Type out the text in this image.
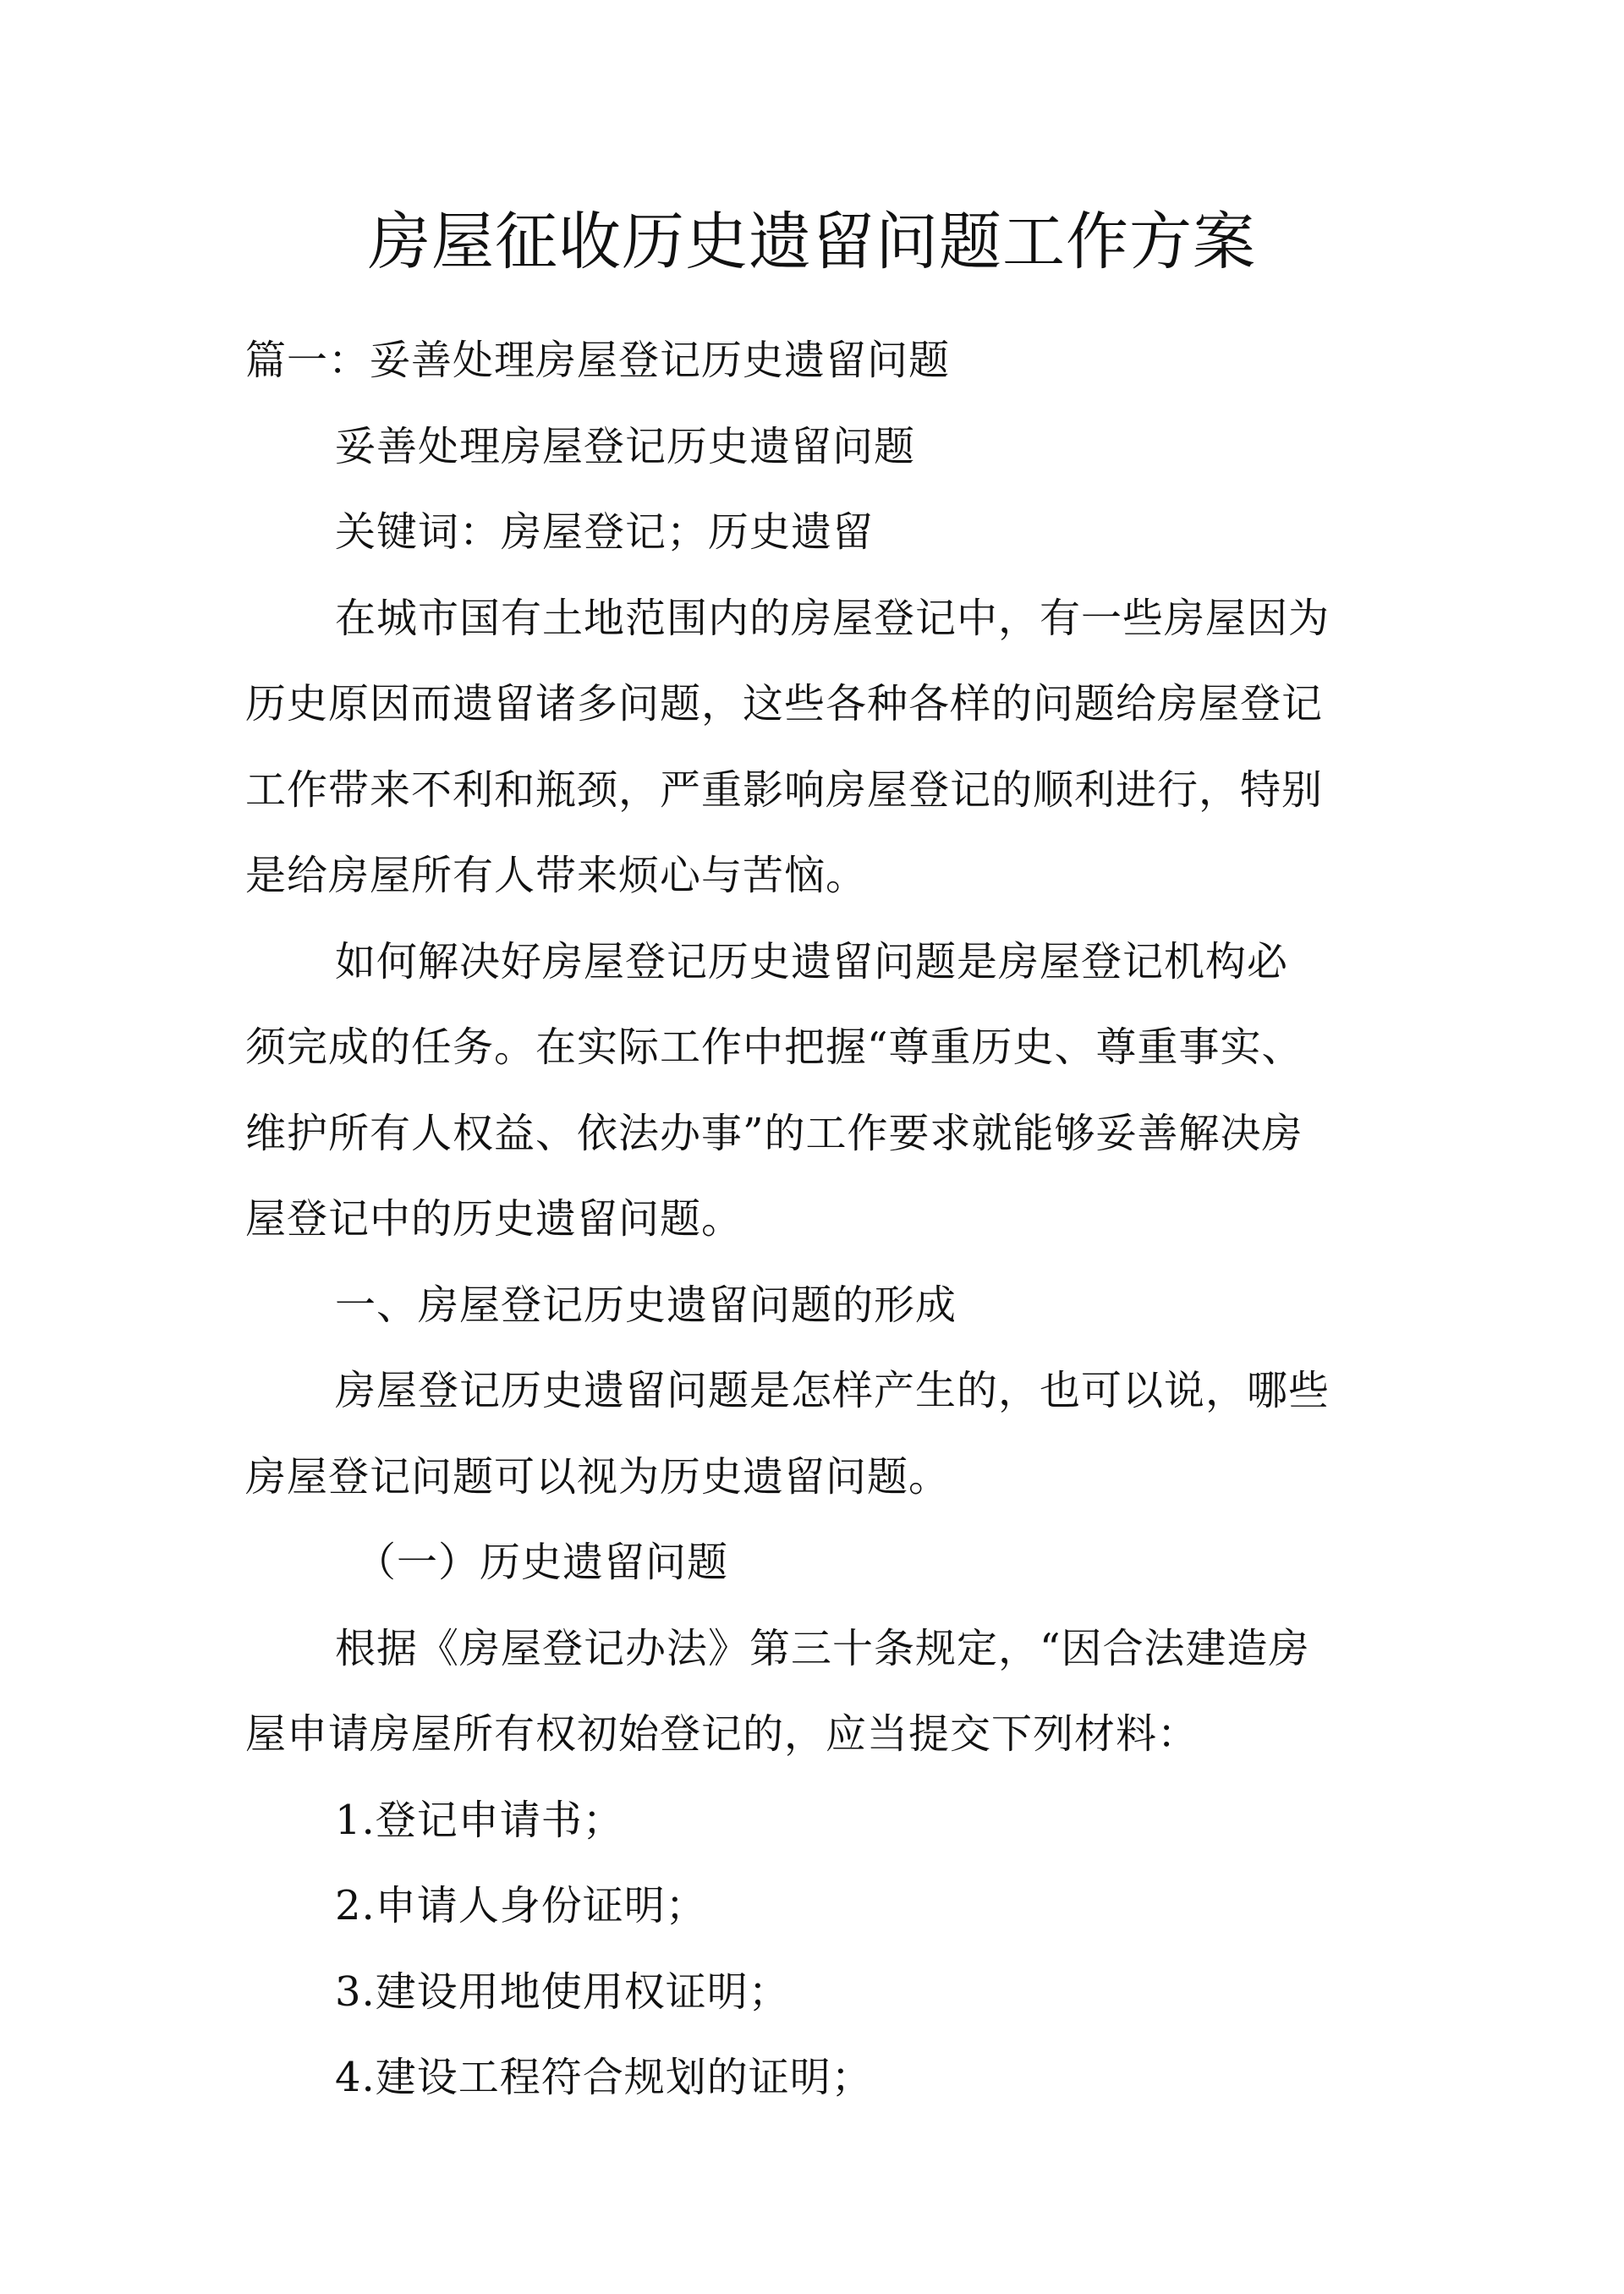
房屋征收历史遗留问题工作方案
篇一：妥善处理房屋登记历史遗留问题
妥善处理房屋登记历史遗留问题
关键词：房屋登记；历史遗留
在城市国有土地范围内的房屋登记中，有一些房屋因为
历史原因而遗留诸多问题，这些各种各样的问题给房屋登记
工作带来不利和瓶颈，严重影响房屋登记的顺利进行，特别
是给房屋所有人带来烦心与苦恼。
如何解决好房屋登记历史遗留问题是房屋登记机构必
须完成的任务。在实际工作中把握“尊重历史、尊重事实、
维护所有人权益、依法办事”的工作要求就能够妥善解决房
屋登记中的历史遗留问题。
一、房屋登记历史遗留问题的形成
房屋登记历史遗留问题是怎样产生的，也可以说，哪些
房屋登记问题可以视为历史遗留问题。
（一）历史遗留问题
根据《房屋登记办法》第三十条规定，“因合法建造房
屋申请房屋所有权初始登记的，应当提交下列材料：
1.登记申请书；
2.申请人身份证明；
3.建设用地使用权证明；
4.建设工程符合规划的证明；
